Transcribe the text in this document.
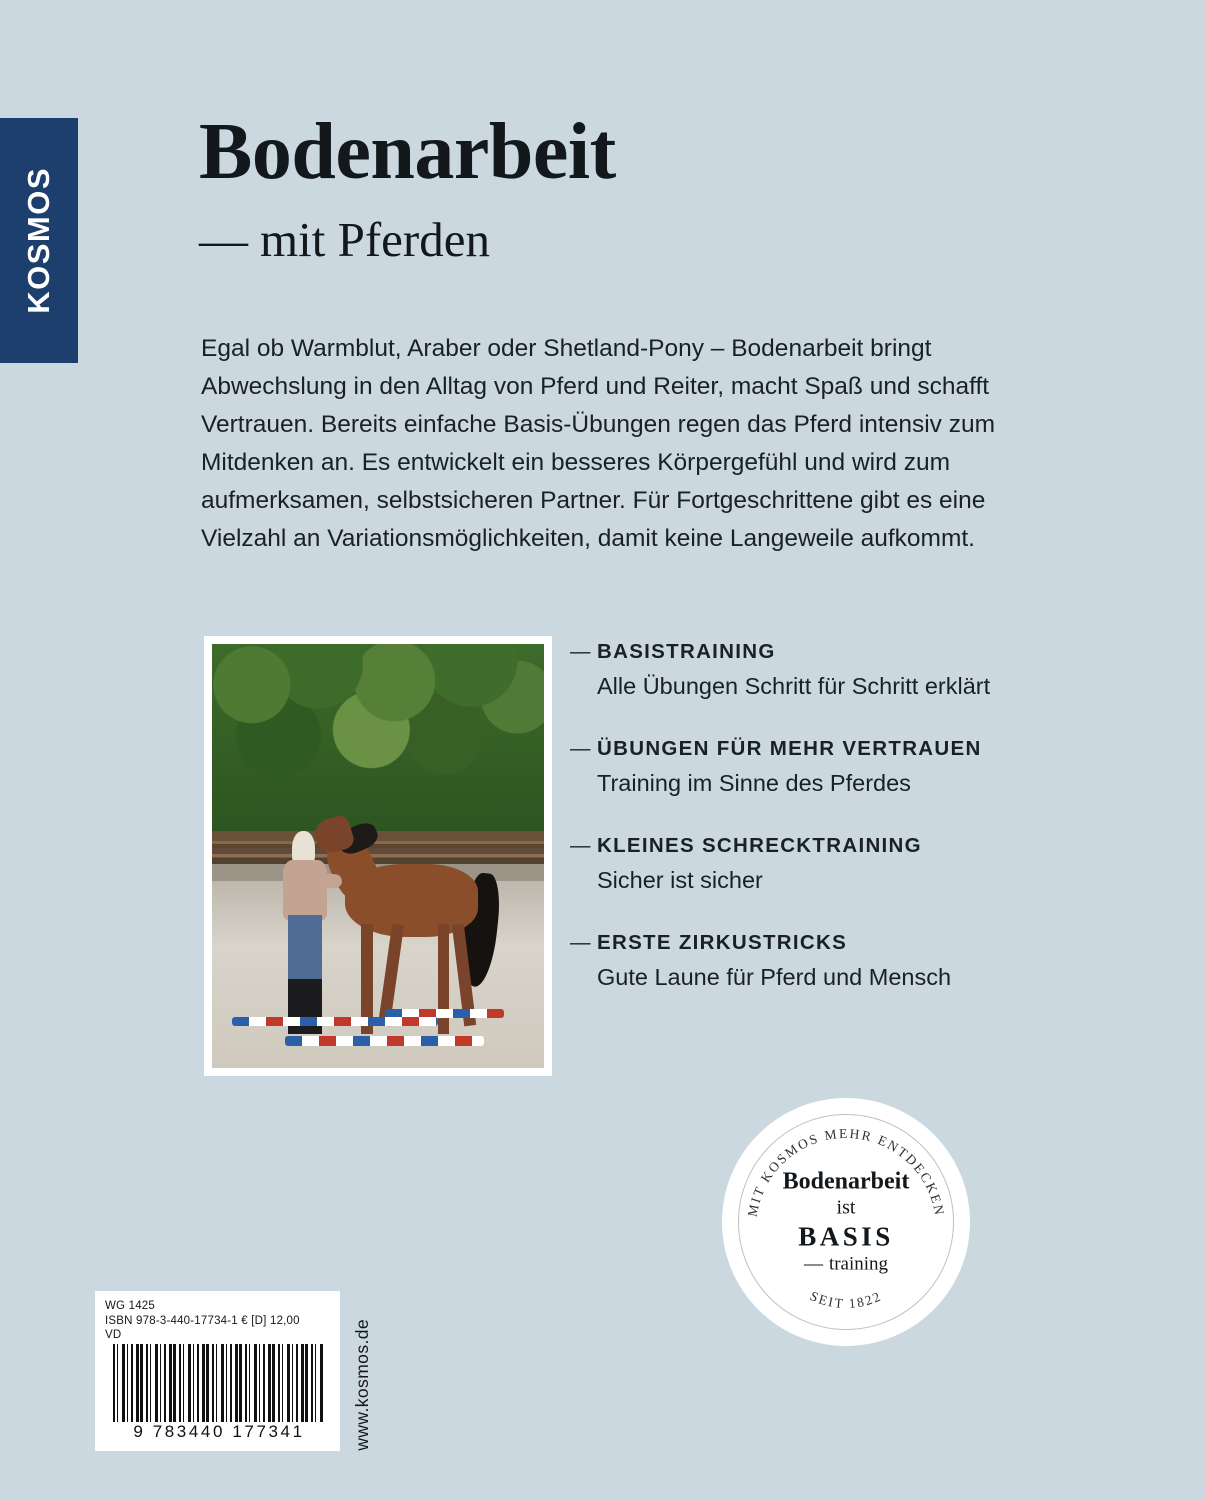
KOSMOS
Bodenarbeit
— mit Pferden
Egal ob Warmblut, Araber oder Shetland-Pony – Bodenarbeit bringt Abwechslung in den Alltag von Pferd und Reiter, macht Spaß und schafft Vertrauen. Bereits einfache Basis-Übungen regen das Pferd intensiv zum Mitdenken an. Es entwickelt ein besseres Körpergefühl und wird zum aufmerksamen, selbstsicheren Partner. Für Fortgeschrittene gibt es eine Vielzahl an Variationsmöglichkeiten, damit keine Langeweile aufkommt.
— BASISTRAINING
Alle Übungen Schritt für Schritt erklärt
— ÜBUNGEN FÜR MEHR VERTRAUEN
Training im Sinne des Pferdes
— KLEINES SCHRECKTRAINING
Sicher ist sicher
— ERSTE ZIRKUSTRICKS
Gute Laune für Pferd und Mensch
MIT KOSMOS MEHR ENTDECKEN
SEIT 1822
Bodenarbeit
ist
BASIS
— training
WG 1425
ISBN 978-3-440-17734-1 € [D] 12,00
VD
9 783440 177341	www.kosmos.de
